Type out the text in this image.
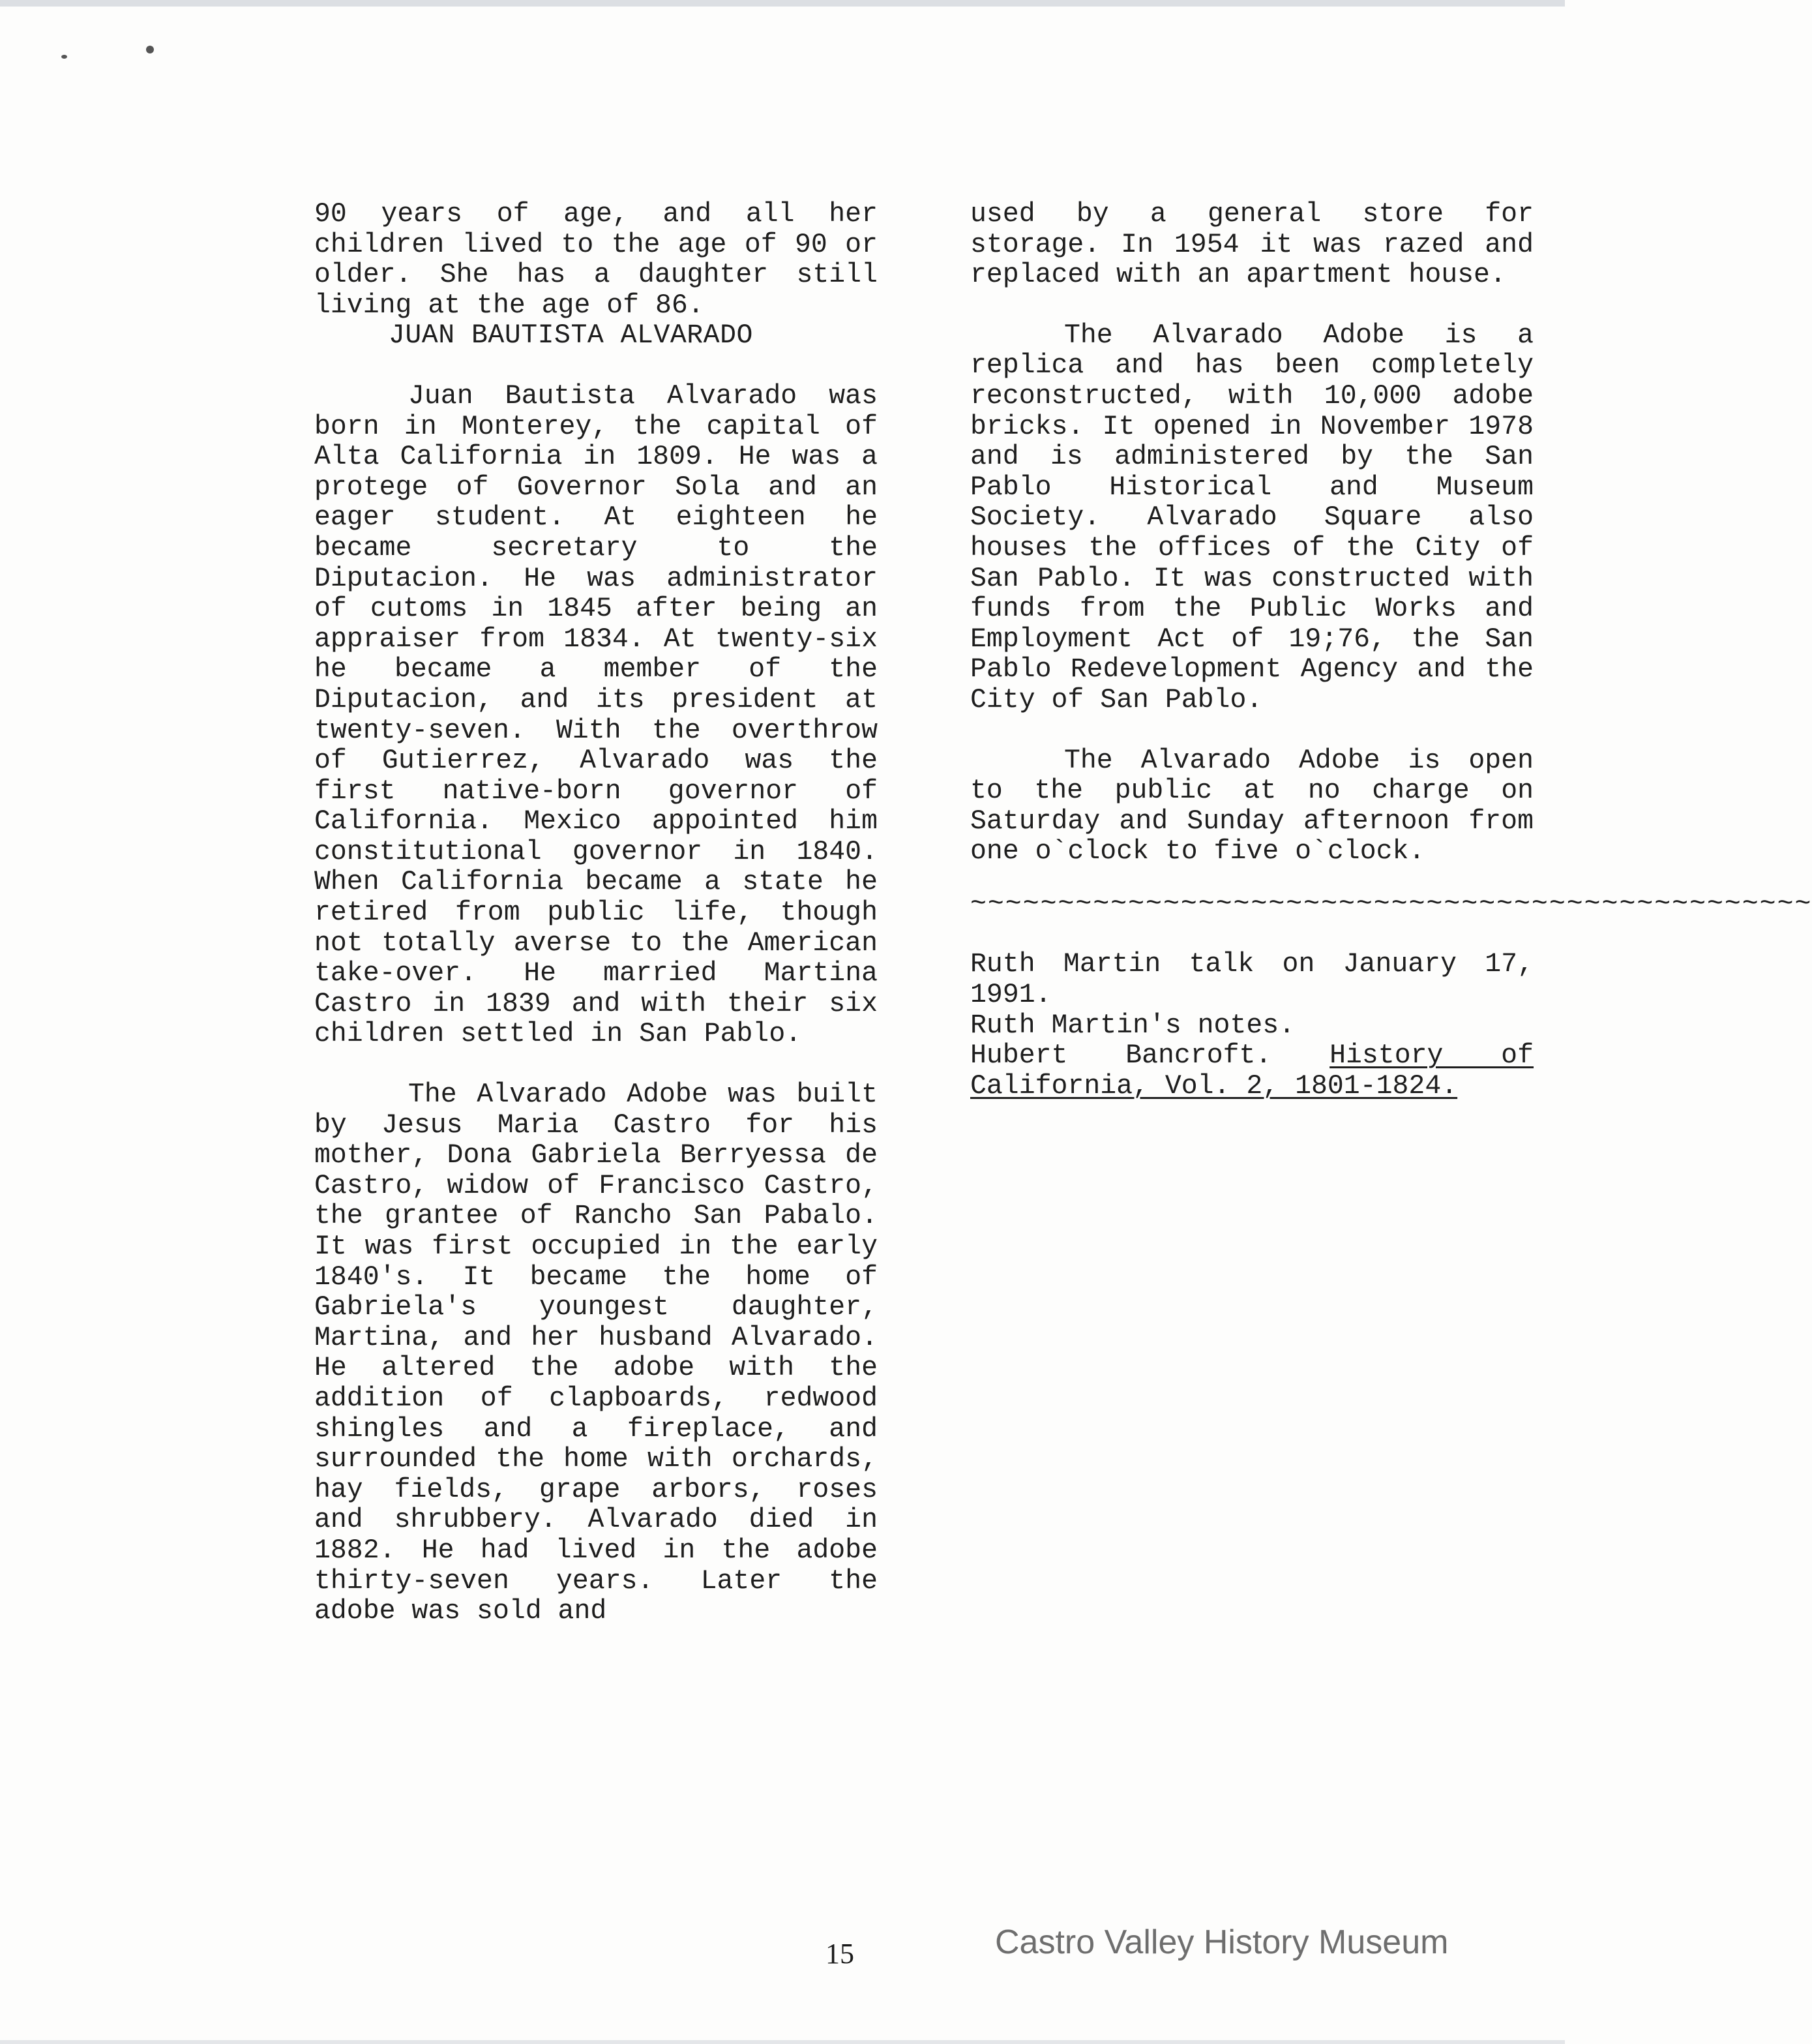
90 years of age, and all her children lived to the age of 90 or older. She has a daughter still living at the age of 86.

JUAN BAUTISTA ALVARADO

Juan Bautista Alvarado was born in Monterey, the capital of Alta California in 1809. He was a protege of Governor Sola and an eager student. At eighteen he became secretary to the Diputacion. He was administrator of cutoms in 1845 after being an appraiser from 1834. At twenty-six he became a member of the Diputacion, and its president at twenty-seven. With the overthrow of Gutierrez, Alvarado was the first native-born governor of California. Mexico appointed him constitutional governor in 1840. When California became a state he retired from public life, though not totally averse to the American take-over. He married Martina Castro in 1839 and with their six children settled in San Pablo.

The Alvarado Adobe was built by Jesus Maria Castro for his mother, Dona Gabriela Berryessa de Castro, widow of Francisco Castro, the grantee of Rancho San Pabalo. It was first occupied in the early 1840's. It became the home of Gabriela's youngest daughter, Martina, and her husband Alvarado. He altered the adobe with the addition of clapboards, redwood shingles and a fireplace, and surrounded the home with orchards, hay fields, grape arbors, roses and shrubbery. Alvarado died in 1882. He had lived in the adobe thirty-seven years. Later the adobe was sold and

used by a general store for storage. In 1954 it was razed and replaced with an apartment house.

The Alvarado Adobe is a replica and has been completely reconstructed, with 10,000 adobe bricks. It opened in November 1978 and is administered by the San Pablo Historical and Museum Society. Alvarado Square also houses the offices of the City of San Pablo. It was constructed with funds from the Public Works and Employment Act of 19;76, the San Pablo Redevelopment Agency and the City of San Pablo.

The Alvarado Adobe is open to the public at no charge on Saturday and Sunday afternoon from one o`clock to five o`clock.

~~~~~~~~~~~~~~~~~~~~~~~~~~~~~~~~~~~~~~~~~~~~~~~~

Ruth Martin talk on January 17, 1991.

Ruth Martin's notes.

Hubert Bancroft. History of California, Vol. 2, 1801-1824.

15	Castro Valley History Museum
